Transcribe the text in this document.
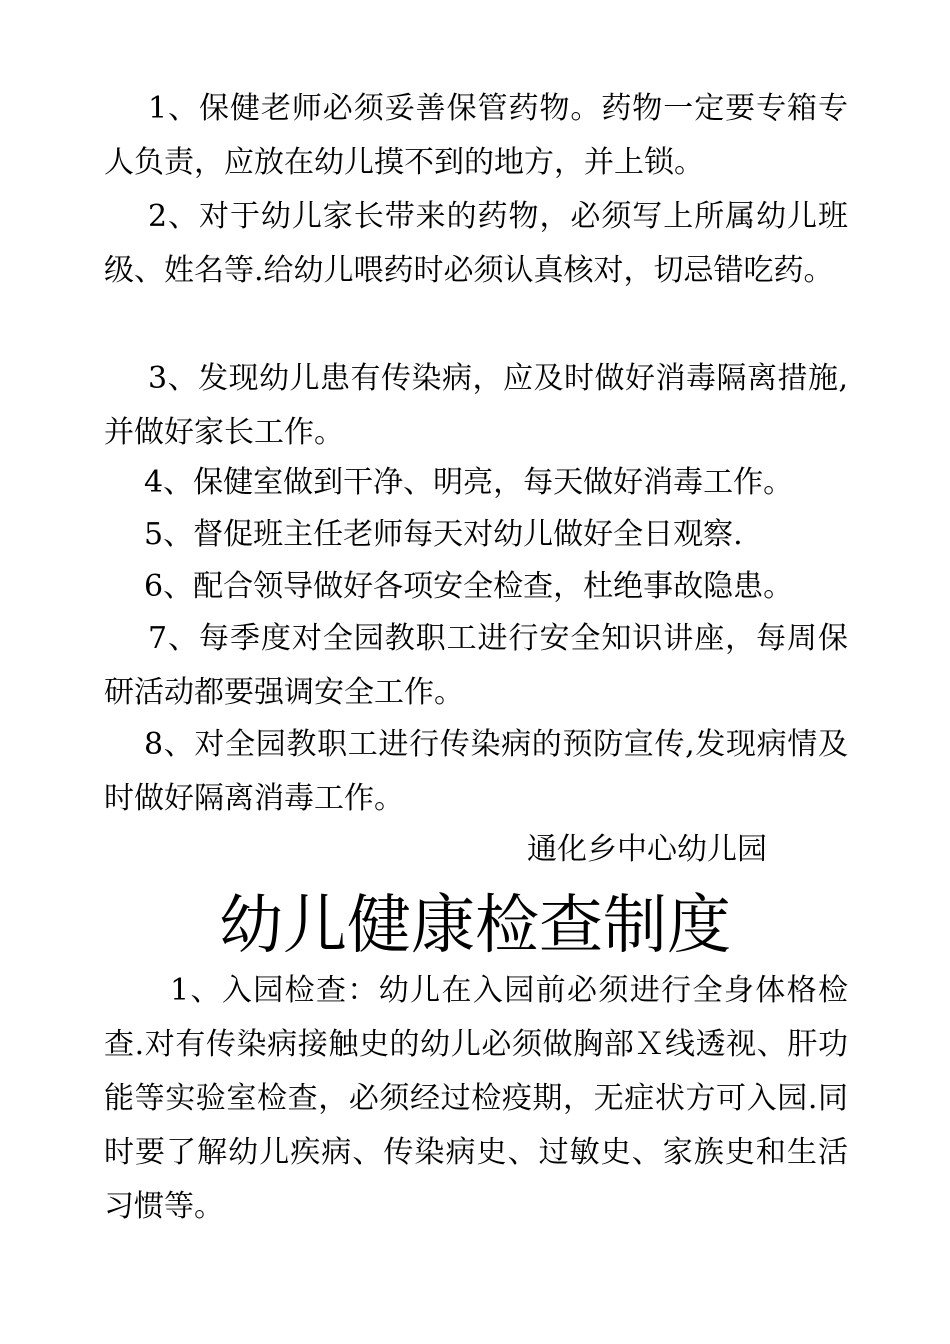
1、保健老师必须妥善保管药物。药物一定要专箱专人负责，应放在幼儿摸不到的地方，并上锁。

2、对于幼儿家长带来的药物，必须写上所属幼儿班级、姓名等.给幼儿喂药时必须认真核对，切忌错吃药。

3、发现幼儿患有传染病，应及时做好消毒隔离措施,并做好家长工作。

4、保健室做到干净、明亮，每天做好消毒工作。

5、督促班主任老师每天对幼儿做好全日观察.

6、配合领导做好各项安全检查，杜绝事故隐患。

7、每季度对全园教职工进行安全知识讲座，每周保研活动都要强调安全工作。

8、对全园教职工进行传染病的预防宣传,发现病情及时做好隔离消毒工作。

通化乡中心幼儿园

幼儿健康检查制度

1、入园检查：幼儿在入园前必须进行全身体格检查.对有传染病接触史的幼儿必须做胸部Ｘ线透视、肝功能等实验室检查，必须经过检疫期，无症状方可入园.同时要了解幼儿疾病、传染病史、过敏史、家族史和生活习惯等。
